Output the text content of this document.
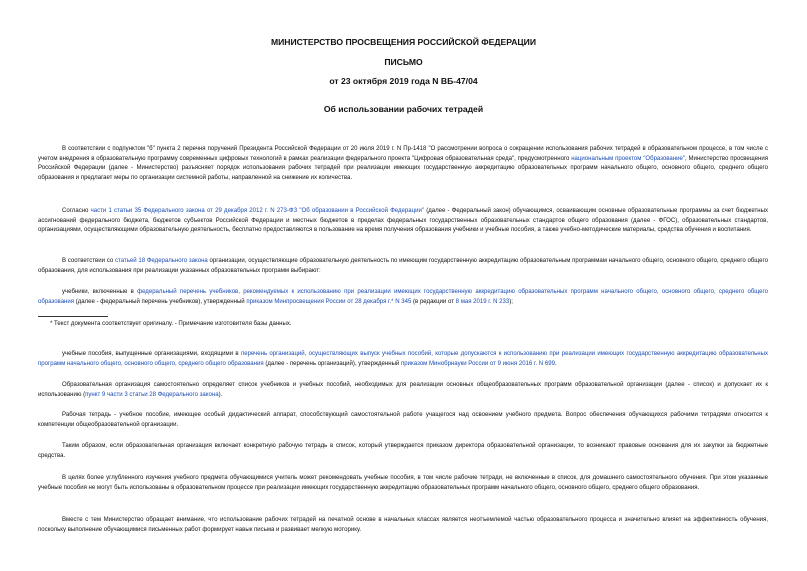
МИНИСТЕРСТВО ПРОСВЕЩЕНИЯ РОССИЙСКОЙ ФЕДЕРАЦИИ
ПИСЬМО
от 23 октября 2019 года N ВБ-47/04
Об использовании рабочих тетрадей

В соответствии с подпунктом "б" пункта 2 перечня поручений Президента Российской Федерации от 20 июля 2019 г. N Пр-1418 "О рассмотрении вопроса о сокращении использования рабочих тетрадей в образовательном процессе, в том числе с учетом внедрения в образовательную программу современных цифровых технологий в рамках реализации федерального проекта "Цифровая образовательная среда", предусмотренного национальным проектом "Образование", Министерство просвещения Российской Федерации (далее - Министерство) разъясняет порядок использования рабочих тетрадей при реализации имеющих государственную аккредитацию образовательных программ начального общего, основного общего, среднего общего образования и предлагает меры по организации системной работы, направленной на снижение их количества.

Согласно части 1 статьи 35 Федерального закона от 29 декабря 2012 г. N 273-ФЗ "Об образовании в Российской Федерации" (далее - Федеральный закон) обучающимся, осваивающим основные образовательные программы за счет бюджетных ассигнований федерального бюджета, бюджетов субъектов Российской Федерации и местных бюджетов в пределах федеральных государственных образовательных стандартов общего образования (далее - ФГОС), образовательных стандартов, организациями, осуществляющими образовательную деятельность, бесплатно предоставляются в пользование на время получения образования учебники и учебные пособия, а также учебно-методические материалы, средства обучения и воспитания.

В соответствии со статьей 18 Федерального закона организации, осуществляющие образовательную деятельность по имеющим государственную аккредитацию образовательным программам начального общего, основного общего, среднего общего образования, для использования при реализации указанных образовательных программ выбирают:

учебники, включенные в федеральный перечень учебников, рекомендуемых к использованию при реализации имеющих государственную аккредитацию образовательных программ начального общего, основного общего, среднего общего образования (далее - федеральный перечень учебников), утвержденный приказом Минпросвещения России от 28 декабря г.* N 345 (в редакции от 8 мая 2019 г. N 233);

* Текст документа соответствует оригиналу. - Примечание изготовителя базы данных.

учебные пособия, выпущенные организациями, входящими в перечень организаций, осуществляющих выпуск учебных пособий, которые допускаются к использованию при реализации имеющих государственную аккредитацию образовательных программ начального общего, основного общего, среднего общего образования (далее - перечень организаций), утвержденный приказом Минобрнауки России от 9 июня 2016 г. N 699.

Образовательная организация самостоятельно определяет список учебников и учебных пособий, необходимых для реализации основных общеобразовательных программ образовательной организации (далее - список) и допускает их к использованию (пункт 9 части 3 статьи 28 Федерального закона).

Рабочая тетрадь - учебное пособие, имеющее особый дидактический аппарат, способствующий самостоятельной работе учащегося над освоением учебного предмета. Вопрос обеспечения обучающихся рабочими тетрадями относится к компетенции общеобразовательной организации.

Таким образом, если образовательная организация включает конкретную рабочую тетрадь в список, который утверждается приказом директора образовательной организации, то возникают правовые основания для их закупки за бюджетные средства.

В целях более углубленного изучения учебного предмета обучающимися учитель может рекомендовать учебные пособия, в том числе рабочие тетради, не включенные в список, для домашнего самостоятельного обучения. При этом указанные учебные пособия не могут быть использованы в образовательном процессе при реализации имеющих государственную аккредитацию образовательных программ начального общего, основного общего, среднего общего образования.

Вместе с тем Министерство обращает внимание, что использование рабочих тетрадей на печатной основе в начальных классах является неотъемлемой частью образовательного процесса и значительно влияет на эффективность обучения, поскольку выполнение обучающимися письменных работ формирует навык письма и развивает мелкую моторику.
